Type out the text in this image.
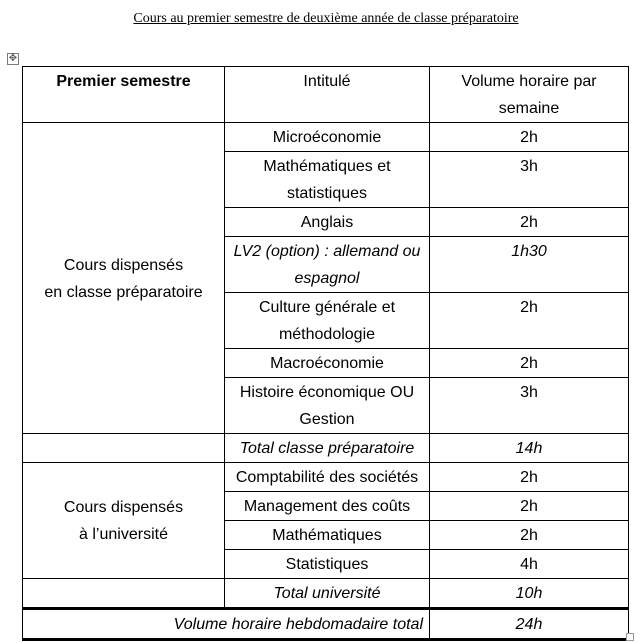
Cours au premier semestre de deuxième année de classe préparatoire
✥
Premier semestre	Intitulé	Volume horaire par semaine
Cours dispensés
en classe préparatoire	Microéconomie	2h
	Mathématiques et statistiques	3h
	Anglais	2h
	LV2 (option) : allemand ou espagnol	1h30
	Culture générale et méthodologie	2h
	Macroéconomie	2h
	Histoire économique OU Gestion	3h
	Total classe préparatoire	14h
Cours dispensés
à l’université	Comptabilité des sociétés	2h
	Management des coûts	2h
	Mathématiques	2h
	Statistiques	4h
	Total université	10h
Volume horaire hebdomadaire total		24h
